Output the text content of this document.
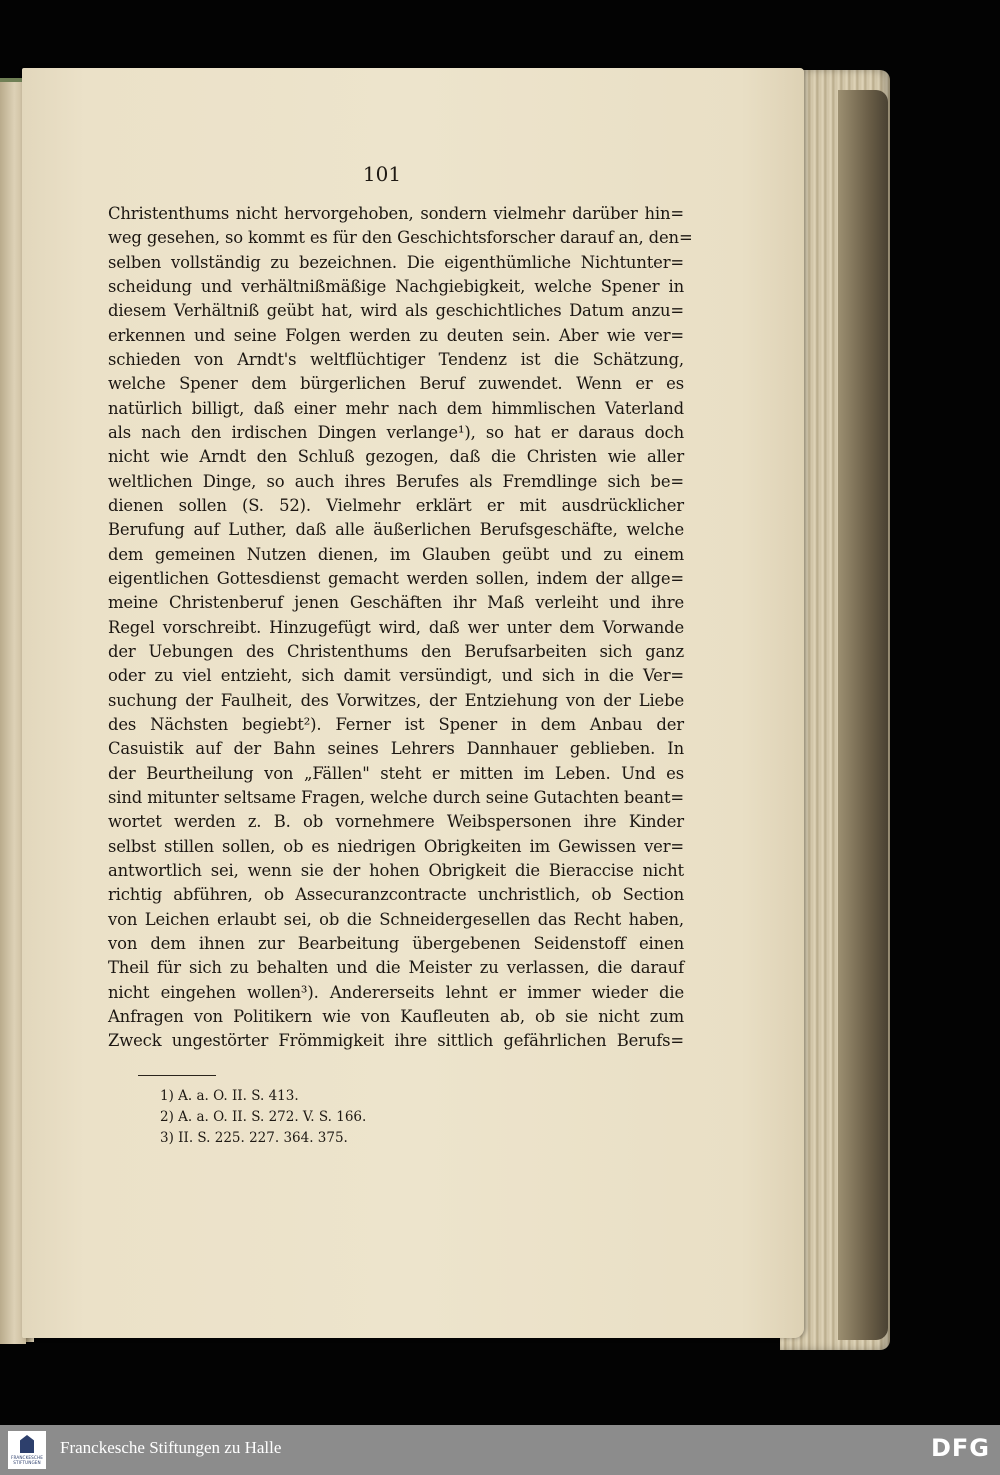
101
Christenthums nicht hervorgehoben, sondern vielmehr darüber hin=
weg gesehen, so kommt es für den Geschichtsforscher darauf an, den=
selben vollständig zu bezeichnen. Die eigenthümliche Nichtunter=
scheidung und verhältnißmäßige Nachgiebigkeit, welche Spener in
diesem Verhältniß geübt hat, wird als geschichtliches Datum anzu=
erkennen und seine Folgen werden zu deuten sein. Aber wie ver=
schieden von Arndt's weltflüchtiger Tendenz ist die Schätzung,
welche Spener dem bürgerlichen Beruf zuwendet. Wenn er es
natürlich billigt, daß einer mehr nach dem himmlischen Vaterland
als nach den irdischen Dingen verlange¹), so hat er daraus doch
nicht wie Arndt den Schluß gezogen, daß die Christen wie aller
weltlichen Dinge, so auch ihres Berufes als Fremdlinge sich be=
dienen sollen (S. 52). Vielmehr erklärt er mit ausdrücklicher
Berufung auf Luther, daß alle äußerlichen Berufsgeschäfte, welche
dem gemeinen Nutzen dienen, im Glauben geübt und zu einem
eigentlichen Gottesdienst gemacht werden sollen, indem der allge=
meine Christenberuf jenen Geschäften ihr Maß verleiht und ihre
Regel vorschreibt. Hinzugefügt wird, daß wer unter dem Vorwande
der Uebungen des Christenthums den Berufsarbeiten sich ganz
oder zu viel entzieht, sich damit versündigt, und sich in die Ver=
suchung der Faulheit, des Vorwitzes, der Entziehung von der Liebe
des Nächsten begiebt²). Ferner ist Spener in dem Anbau der
Casuistik auf der Bahn seines Lehrers Dannhauer geblieben. In
der Beurtheilung von „Fällen" steht er mitten im Leben. Und es
sind mitunter seltsame Fragen, welche durch seine Gutachten beant=
wortet werden z. B. ob vornehmere Weibspersonen ihre Kinder
selbst stillen sollen, ob es niedrigen Obrigkeiten im Gewissen ver=
antwortlich sei, wenn sie der hohen Obrigkeit die Bieraccise nicht
richtig abführen, ob Assecuranzcontracte unchristlich, ob Section
von Leichen erlaubt sei, ob die Schneidergesellen das Recht haben,
von dem ihnen zur Bearbeitung übergebenen Seidenstoff einen
Theil für sich zu behalten und die Meister zu verlassen, die darauf
nicht eingehen wollen³). Andererseits lehnt er immer wieder die
Anfragen von Politikern wie von Kaufleuten ab, ob sie nicht zum
Zweck ungestörter Frömmigkeit ihre sittlich gefährlichen Berufs=
1) A. a. O. II. S. 413.
2) A. a. O. II. S. 272. V. S. 166.
3) II. S. 225. 227. 364. 375.
FRANCKESCHE
STIFTUNGEN
Franckesche Stiftungen zu Halle	DFG
